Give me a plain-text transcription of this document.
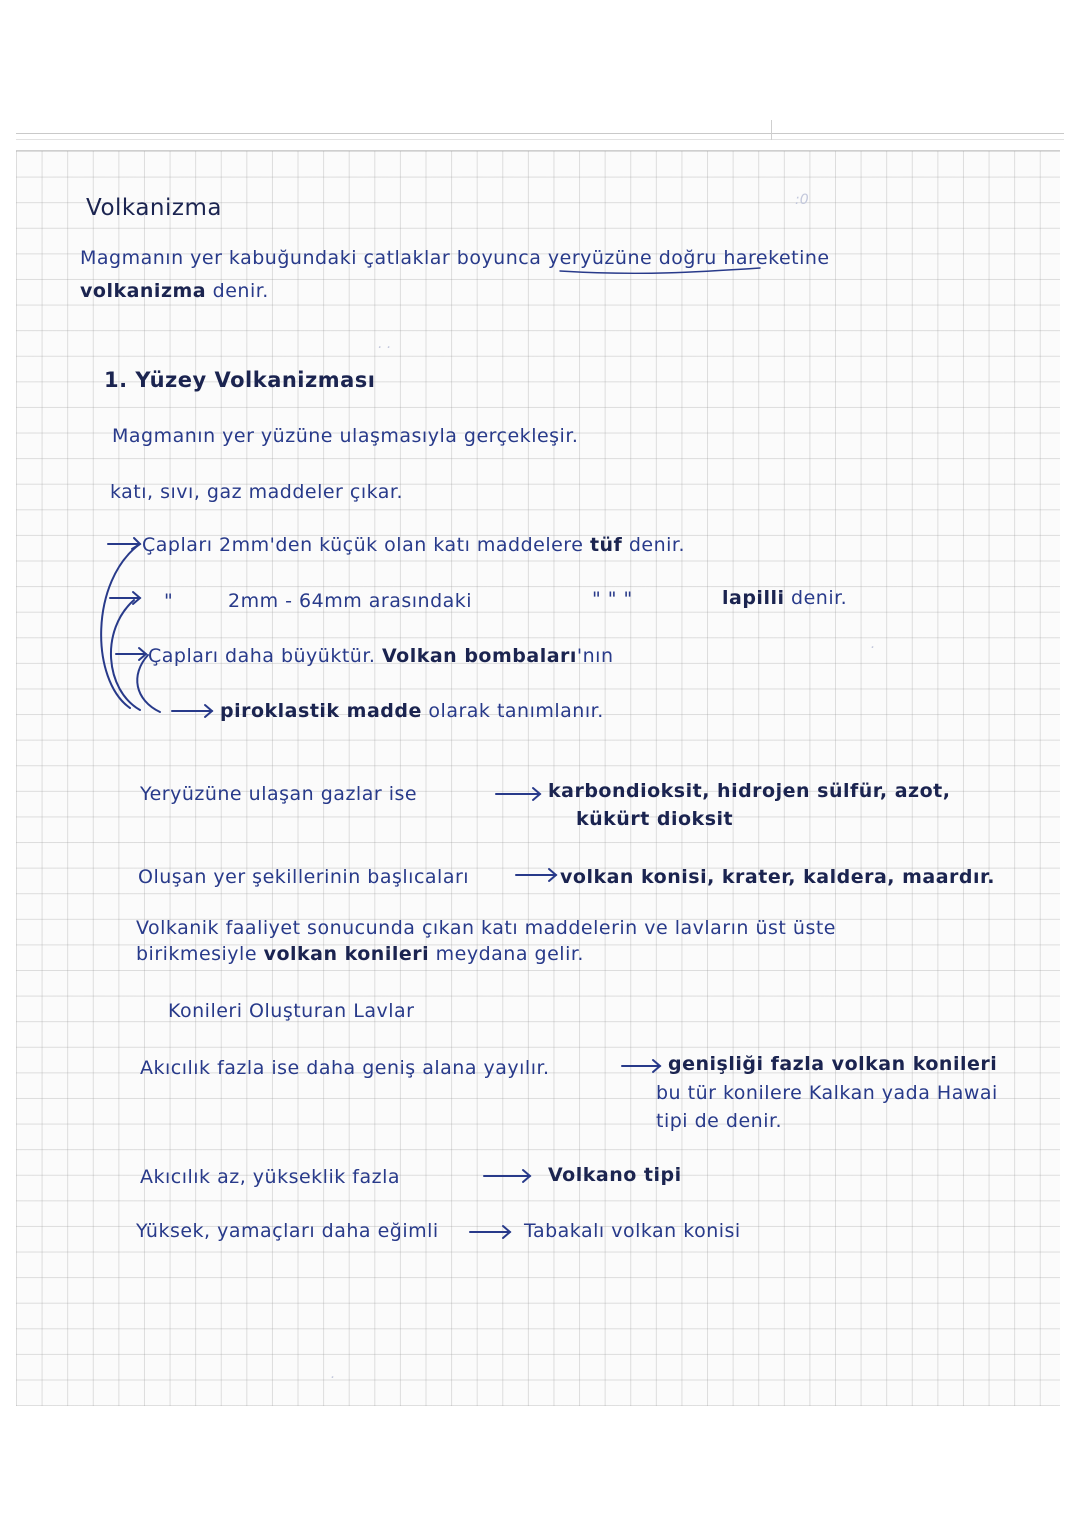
:0
. .
·
·
Volkanizma
Magmanın yer kabuğundaki çatlaklar boyunca yeryüzüne doğru hareketine
volkanizma denir.
1. Yüzey Volkanizması
Magmanın yer yüzüne ulaşmasıyla gerçekleşir.
katı, sıvı, gaz maddeler çıkar.
Çapları 2mm'den küçük olan katı maddelere tüf denir.
"	2mm - 64mm arasındaki	" " "	lapilli denir.
Çapları daha büyüktür. Volkan bombaları'nın
piroklastik madde olarak tanımlanır.
Yeryüzüne ulaşan gazlar ise	karbondioksit, hidrojen sülfür, azot,
kükürt dioksit
Oluşan yer şekillerinin başlıcaları	volkan konisi, krater, kaldera, maardır.
Volkanik faaliyet sonucunda çıkan katı maddelerin ve lavların üst üste
birikmesiyle volkan konileri meydana gelir.
Konileri Oluşturan Lavlar
Akıcılık fazla ise daha geniş alana yayılır.	genişliği fazla volkan konileri
bu tür konilere Kalkan yada Hawai
tipi de denir.
Akıcılık az, yükseklik fazla	Volkano tipi
Yüksek, yamaçları daha eğimli	Tabakalı volkan konisi
